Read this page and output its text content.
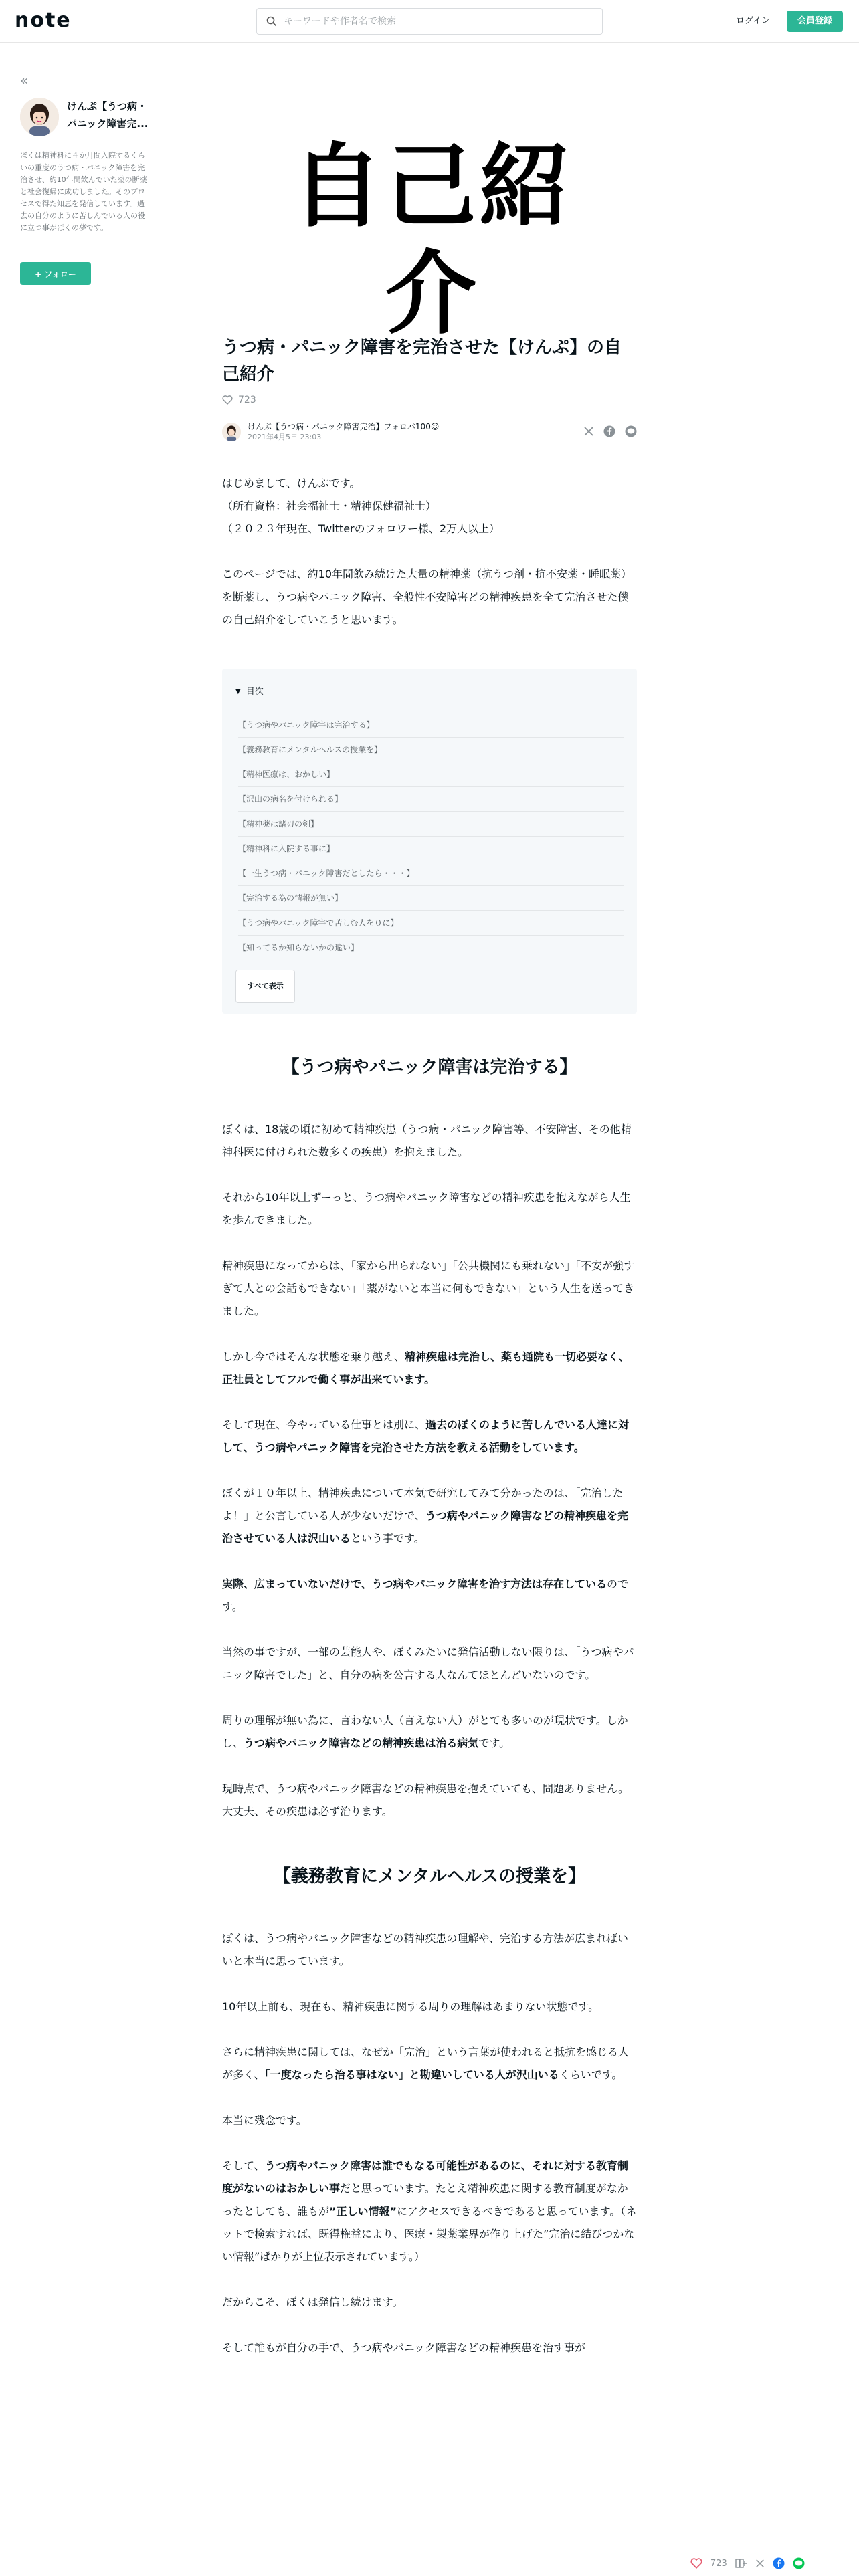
note
キーワードや作者名で検索	ログイン	会員登録
«
けんぷ【うつ病・パニック障害完...
ぼくは精神科に４か月間入院するくらいの重度のうつ病・パニック障害を完治させ、約10年間飲んでいた薬の断薬と社会復帰に成功しました。そのプロセスで得た知恵を発信しています。過去の自分のように苦しんでいる人の役に立つ事がぼくの夢です。
+ フォロー
自己紹介
うつ病・パニック障害を完治させた【けんぷ】の自己紹介
723
けんぷ【うつ病・パニック障害完治】フォロバ100☺
2021年4月5日 23:03

はじめまして、けんぷです。

（所有資格：社会福祉士・精神保健福祉士）

（２０２３年現在、Twitterのフォロワー様、2万人以上）

このページでは、約10年間飲み続けた大量の精神薬（抗うつ剤・抗不安薬・睡眠薬）を断薬し、うつ病やパニック障害、全般性不安障害どの精神疾患を全て完治させた僕の自己紹介をしていこうと思います。

▼ 目次
【うつ病やパニック障害は完治する】
【義務教育にメンタルヘルスの授業を】
【精神医療は、おかしい】
【沢山の病名を付けられる】
【精神薬は諸刃の剣】
【精神科に入院する事に】
【一生うつ病・パニック障害だとしたら・・・】
【完治する為の情報が無い】
【うつ病やパニック障害で苦しむ人を０に】
【知ってるか知らないかの違い】
すべて表示
【うつ病やパニック障害は完治する】

ぼくは、18歳の頃に初めて精神疾患（うつ病・パニック障害等、不安障害、その他精神科医に付けられた数多くの疾患）を抱えました。

それから10年以上ずーっと、うつ病やパニック障害などの精神疾患を抱えながら人生を歩んできました。

精神疾患になってからは、「家から出られない」「公共機関にも乗れない」「不安が強すぎて人との会話もできない」「薬がないと本当に何もできない」という人生を送ってきました。

しかし今ではそんな状態を乗り越え、精神疾患は完治し、薬も通院も一切必要なく、正社員としてフルで働く事が出来ています。

そして現在、今やっている仕事とは別に、過去のぼくのように苦しんでいる人達に対して、うつ病やパニック障害を完治させた方法を教える活動をしています。

ぼくが１０年以上、精神疾患について本気で研究してみて分かったのは、「完治したよ！」と公言している人が少ないだけで、うつ病やパニック障害などの精神疾患を完治させている人は沢山いるという事です。

実際、広まっていないだけで、うつ病やパニック障害を治す方法は存在しているのです。

当然の事ですが、一部の芸能人や、ぼくみたいに発信活動しない限りは、「うつ病やパニック障害でした」と、自分の病を公言する人なんてほとんどいないのです。

周りの理解が無い為に、言わない人（言えない人）がとても多いのが現状です。しかし、うつ病やパニック障害などの精神疾患は治る病気です。

現時点で、うつ病やパニック障害などの精神疾患を抱えていても、問題ありません。大丈夫、その疾患は必ず治ります。

【義務教育にメンタルヘルスの授業を】

ぼくは、うつ病やパニック障害などの精神疾患の理解や、完治する方法が広まればいいと本当に思っています。

10年以上前も、現在も、精神疾患に関する周りの理解はあまりない状態です。

さらに精神疾患に関しては、なぜか「完治」という言葉が使われると抵抗を感じる人が多く、「一度なったら治る事はない」と勘違いしている人が沢山いるくらいです。

本当に残念です。

そして、うつ病やパニック障害は誰でもなる可能性があるのに、それに対する教育制度がないのはおかしい事だと思っています。たとえ精神疾患に関する教育制度がなかったとしても、誰もが”正しい情報”にアクセスできるべきであると思っています。（ネットで検索すれば、既得権益により、医療・製薬業界が作り上げた”完治に結びつかない情報”ばかりが上位表示されています。）

だからこそ、ぼくは発信し続けます。

そして誰もが自分の手で、うつ病やパニック障害などの精神疾患を治す事が

723
